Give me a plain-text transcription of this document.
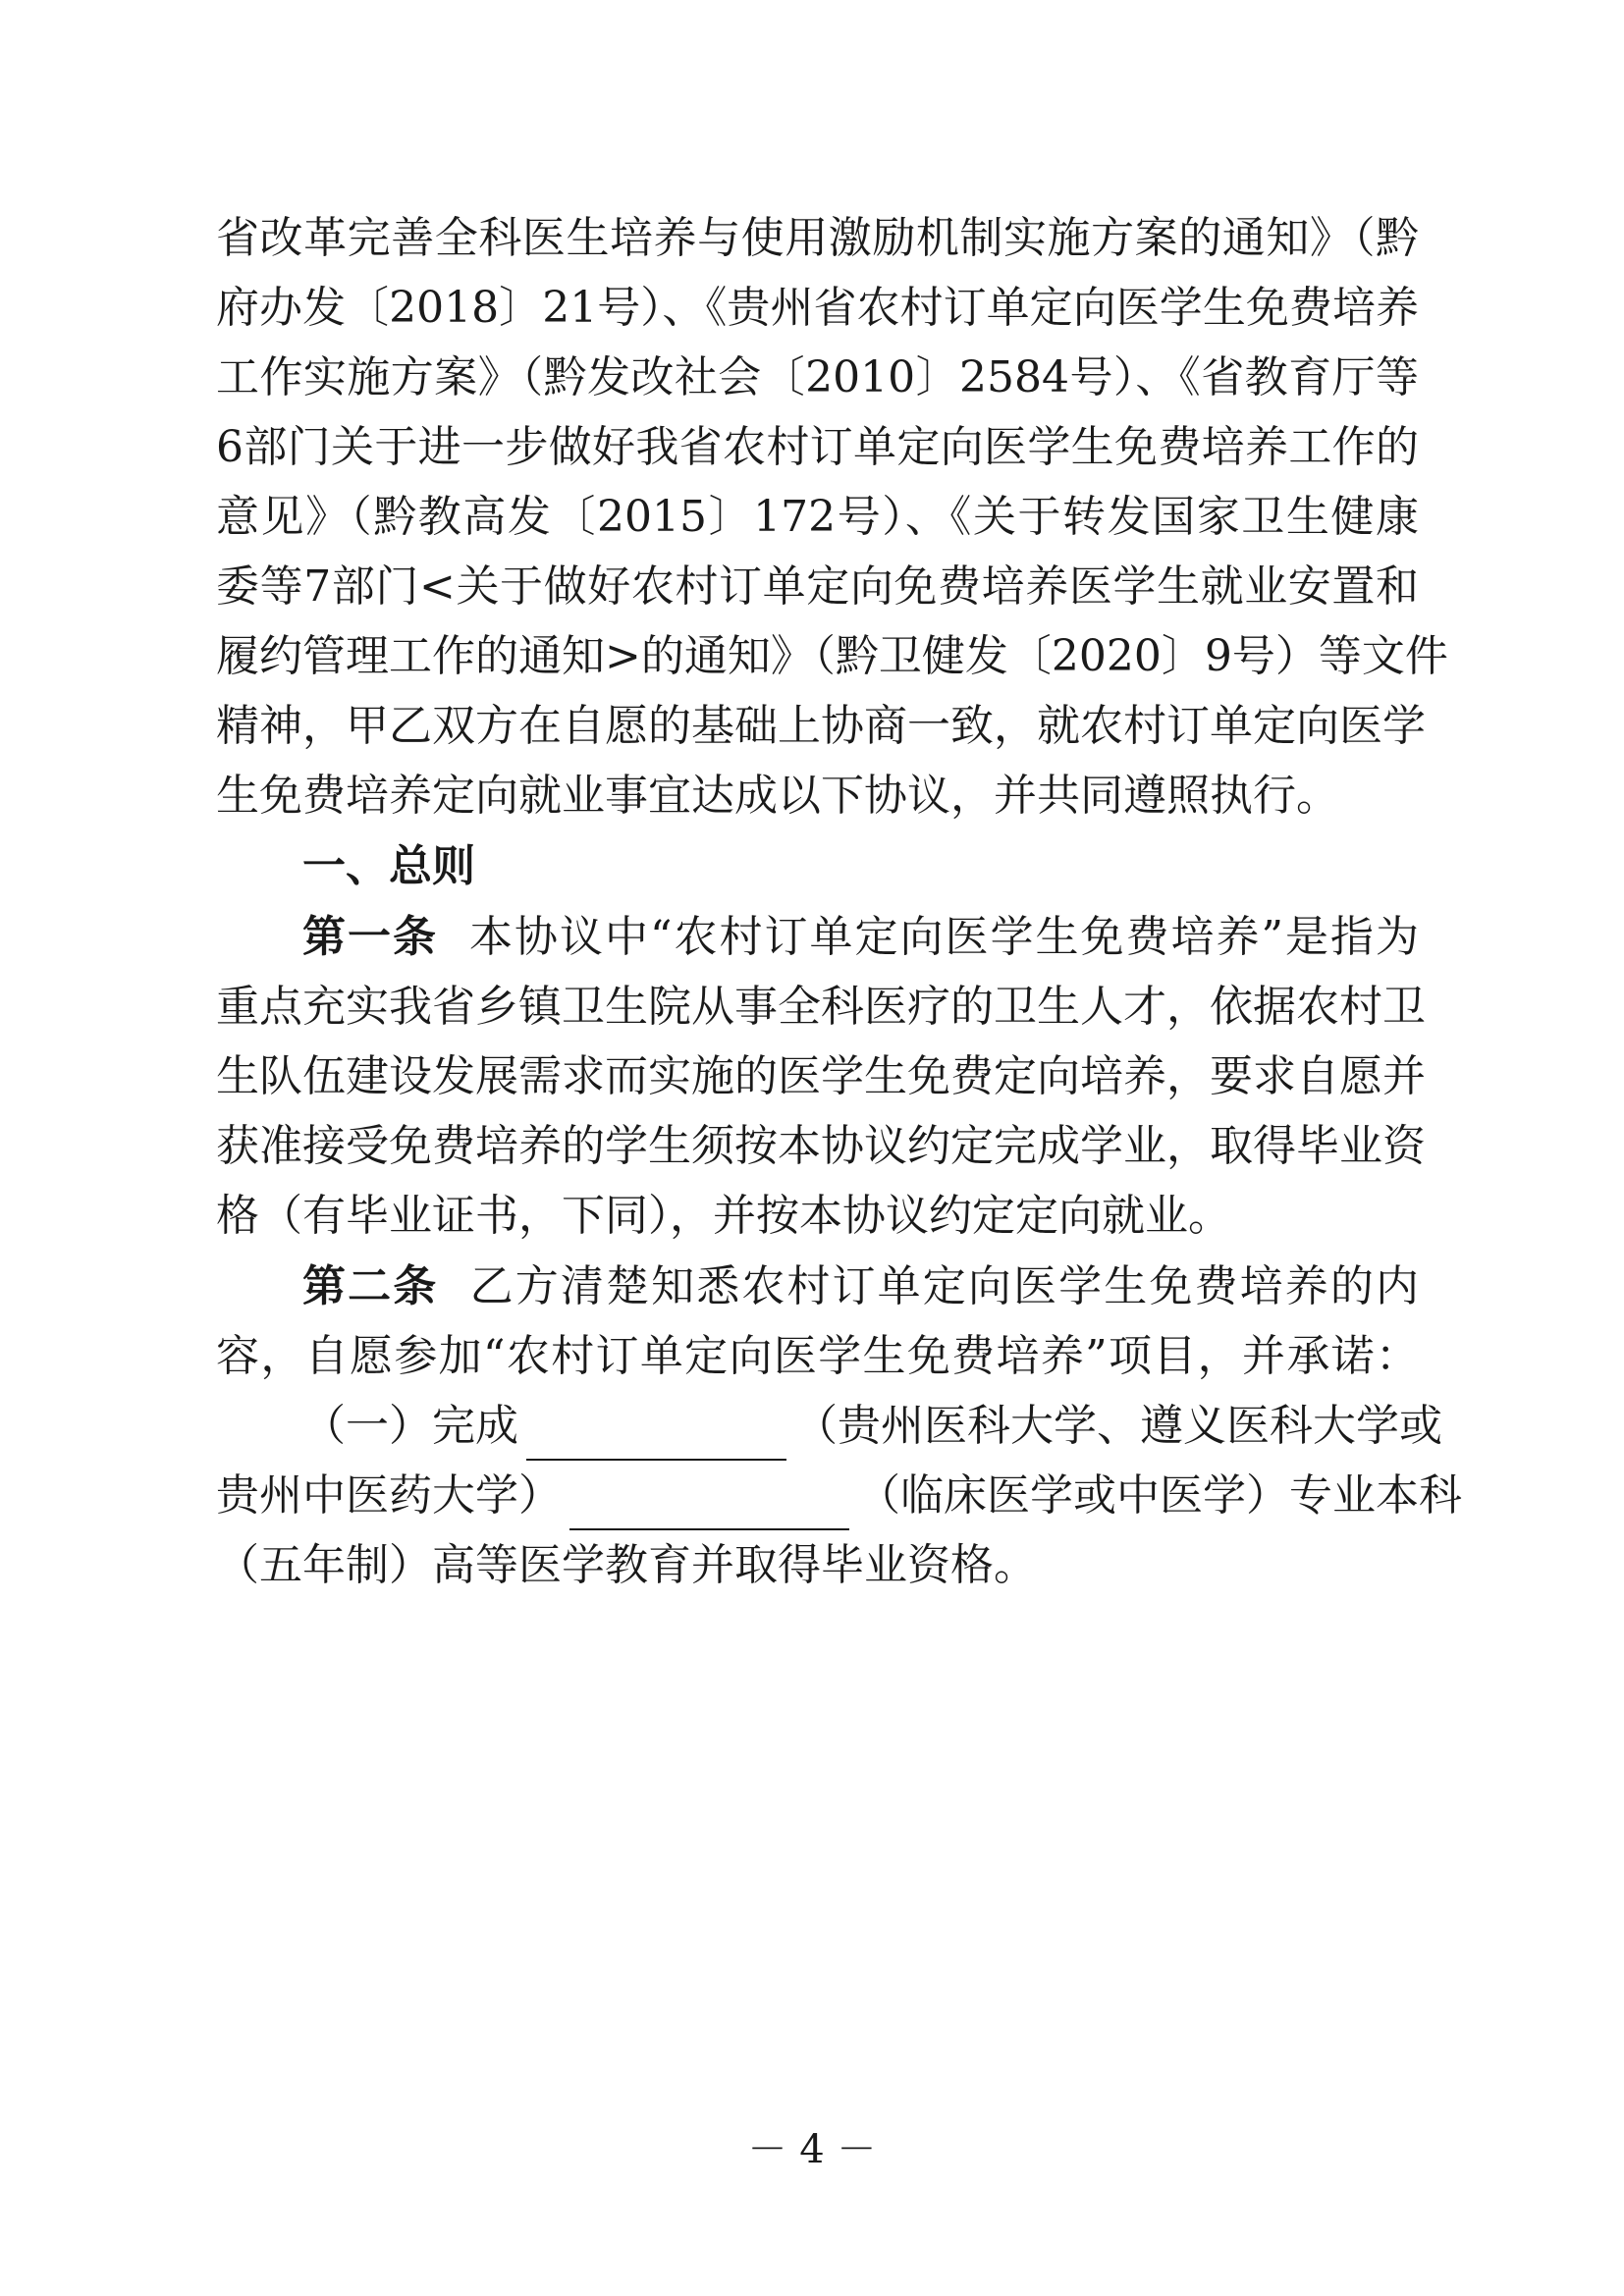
省改革完善全科医生培养与使用激励机制实施方案的通知》（黔
府办发〔2018〕21号）、《贵州省农村订单定向医学生免费培养
工作实施方案》（黔发改社会〔2010〕2584号）、《省教育厅等
6部门关于进一步做好我省农村订单定向医学生免费培养工作的
意见》（黔教高发〔2015〕172号）、《关于转发国家卫生健康
委等7部门<关于做好农村订单定向免费培养医学生就业安置和
履约管理工作的通知>的通知》（黔卫健发〔2020〕9号）等文件
精神，甲乙双方在自愿的基础上协商一致，就农村订单定向医学
生免费培养定向就业事宜达成以下协议，并共同遵照执行。
一、总则
第一条 本协议中“农村订单定向医学生免费培养”是指为
重点充实我省乡镇卫生院从事全科医疗的卫生人才，依据农村卫
生队伍建设发展需求而实施的医学生免费定向培养，要求自愿并
获准接受免费培养的学生须按本协议约定完成学业，取得毕业资
格（有毕业证书，下同），并按本协议约定定向就业。
第二条 乙方清楚知悉农村订单定向医学生免费培养的内
容，自愿参加“农村订单定向医学生免费培养”项目，并承诺：
（一）完成	（贵州医科大学、遵义医科大学或
贵州中医药大学）	（临床医学或中医学）专业本科
（五年制）高等医学教育并取得毕业资格。
－ 4 －
